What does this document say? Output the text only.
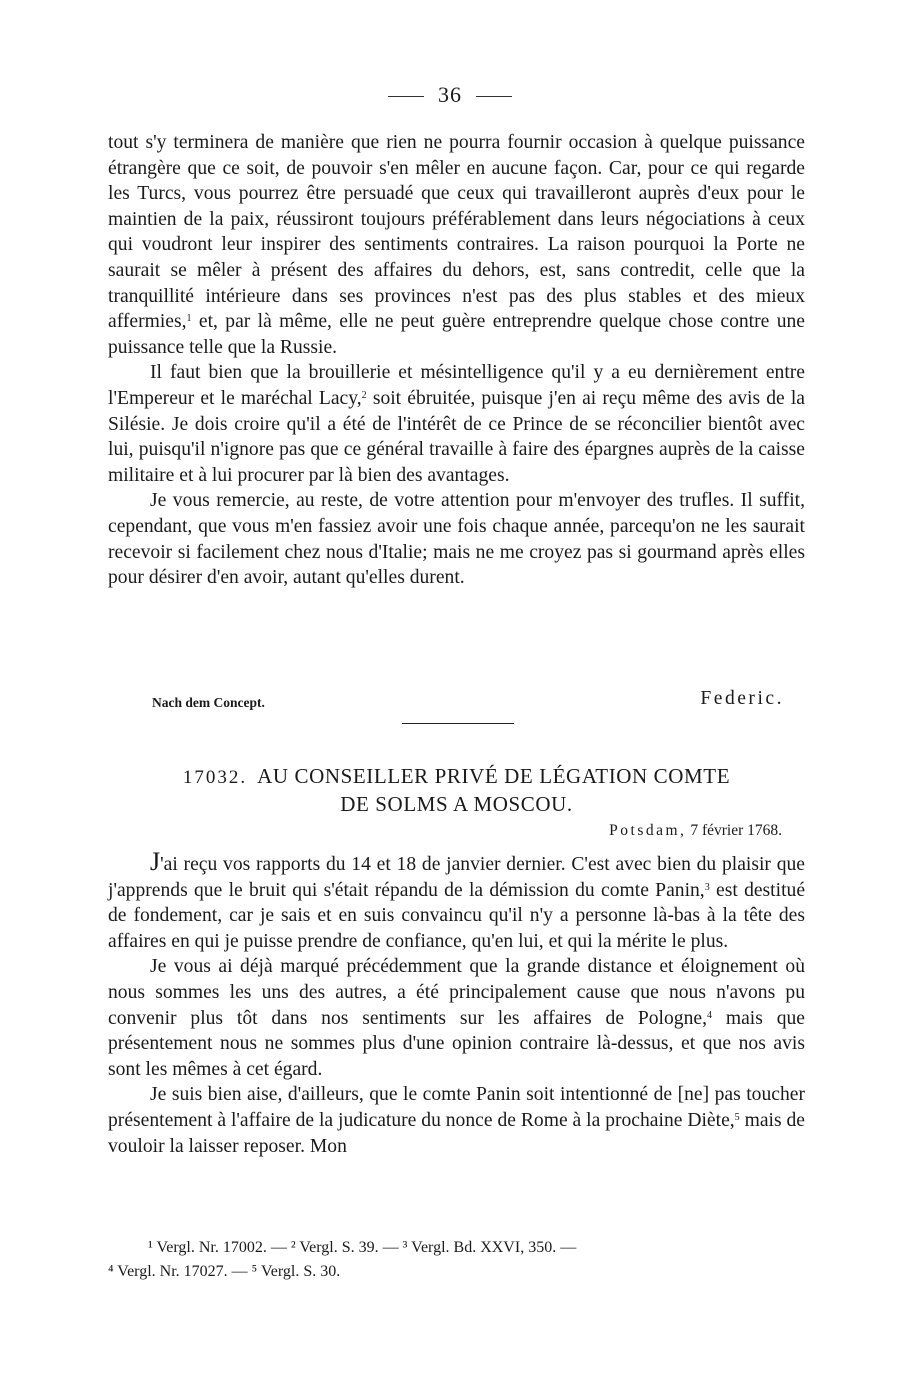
36

tout s'y terminera de manière que rien ne pourra fournir occasion à quelque puissance étrangère que ce soit, de pouvoir s'en mêler en aucune façon. Car, pour ce qui regarde les Turcs, vous pourrez être persuadé que ceux qui travailleront auprès d'eux pour le maintien de la paix, réussiront toujours préférablement dans leurs négociations à ceux qui voudront leur inspirer des sentiments contraires. La raison pourquoi la Porte ne saurait se mêler à présent des affaires du dehors, est, sans contredit, celle que la tranquillité intérieure dans ses provinces n'est pas des plus stables et des mieux affermies,$^1$ et, par là même, elle ne peut guère entreprendre quelque chose contre une puissance telle que la Russie.

Il faut bien que la brouillerie et mésintelligence qu'il y a eu dernièrement entre l'Empereur et le maréchal Lacy,$^2$ soit ébruitée, puisque j'en ai reçu même des avis de la Silésie. Je dois croire qu'il a été de l'intérêt de ce Prince de se réconcilier bientôt avec lui, puisqu'il n'ignore pas que ce général travaille à faire des épargnes auprès de la caisse militaire et à lui procurer par là bien des avantages.

Je vous remercie, au reste, de votre attention pour m'envoyer des trufles. Il suffit, cependant, que vous m'en fassiez avoir une fois chaque année, parcequ'on ne les saurait recevoir si facilement chez nous d'Italie; mais ne me croyez pas si gourmand après elles pour désirer d'en avoir, autant qu'elles durent.

Nach dem Concept.	Federic.
17032. AU CONSEILLER PRIVÉ DE LÉGATION COMTE
DE SOLMS A MOSCOU.
Potsdam, 7 février 1768.

J'ai reçu vos rapports du 14 et 18 de janvier dernier. C'est avec bien du plaisir que j'apprends que le bruit qui s'était répandu de la démission du comte Panin,$^3$ est destitué de fondement, car je sais et en suis convaincu qu'il n'y a personne là-bas à la tête des affaires en qui je puisse prendre de confiance, qu'en lui, et qui la mérite le plus.

Je vous ai déjà marqué précédemment que la grande distance et éloignement où nous sommes les uns des autres, a été principalement cause que nous n'avons pu convenir plus tôt dans nos sentiments sur les affaires de Pologne,$^4$ mais que présentement nous ne sommes plus d'une opinion contraire là-dessus, et que nos avis sont les mêmes à cet égard.

Je suis bien aise, d'ailleurs, que le comte Panin soit intentionné de [ne] pas toucher présentement à l'affaire de la judicature du nonce de Rome à la prochaine Diète,$^5$ mais de vouloir la laisser reposer. Mon

¹ Vergl. Nr. 17002. — ² Vergl. S. 39. — ³ Vergl. Bd. XXVI, 350. —
⁴ Vergl. Nr. 17027. — ⁵ Vergl. S. 30.
